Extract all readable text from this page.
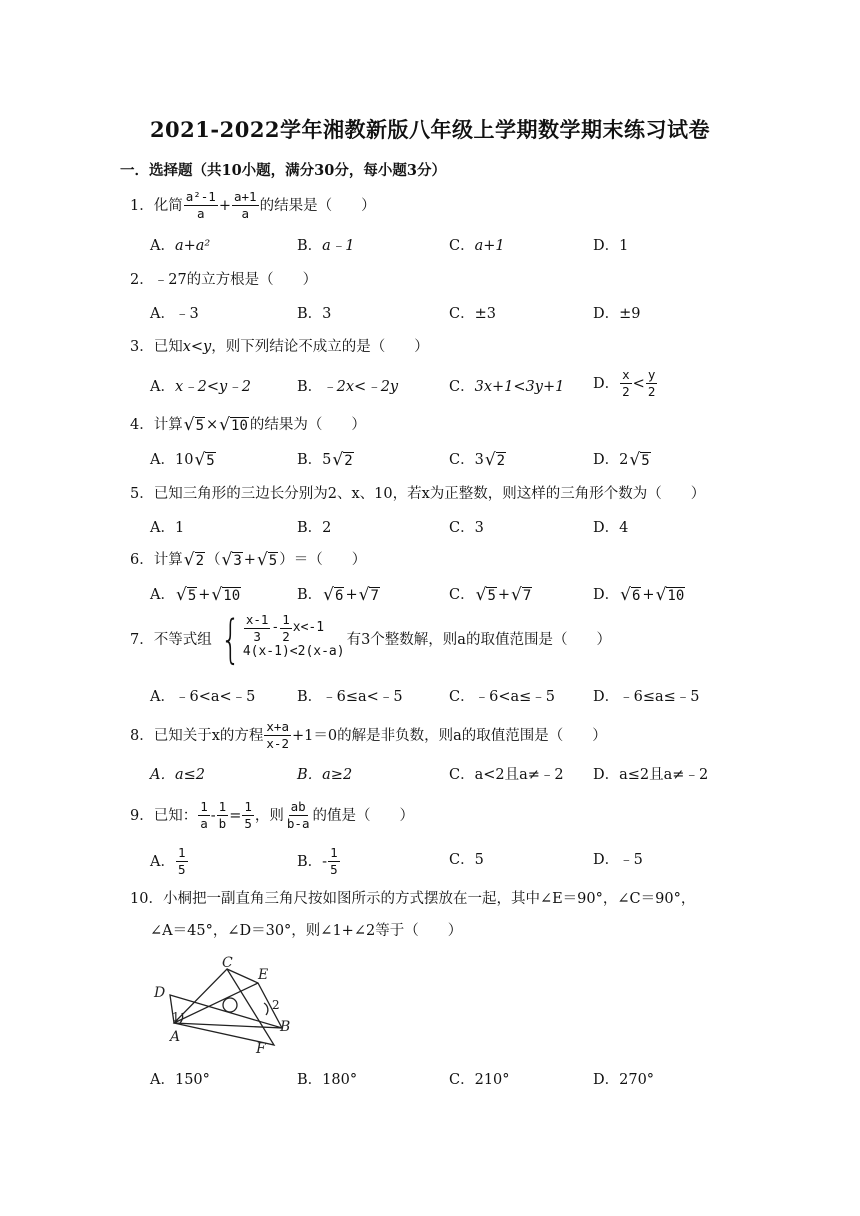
2021-2022学年湘教新版八年级上学期数学期末练习试卷
一．选择题（共10小题，满分30分，每小题3分）
1．化简 $\frac{\text{a²-1}}{a} + \frac{a+1}{a}$ 的结果是（　　）
A． a+a²	B． a﹣1	C． a+1	D． 1
2．﹣27的立方根是（　　）
A．﹣3	B．3	C．±3	D．±9
3．已知 x<y ，则下列结论不成立的是（　　）
A． x﹣2<y﹣2	B． ﹣2x<﹣2y	C． 3x+1<3y+1 D． $\frac{x}{2} < \frac{y}{2}$
4．计算 √ 5 × √ 10 的结果为（　　）
A．10 √ 5	B．5 √ 2	C．3 √ 2	D．2 √ 5
5．已知三角形的三边长分别为2、x、10，若x为正整数，则这样的三角形个数为（　　）
A．1	B．2	C．3	D．4
6．计算 √ 2 （ √ 3 + √ 5 ）＝（　　）
A． √ 5 + √ 10	B． √ 6 + √ 7	C． √ 5 + √ 7	D． √ 6 + √ 10
7．不等式组 { $\frac{x-1}{3} - \frac{1}{2} x<-1$
4(x-1)<2(x-a)
有3个整数解，则a的取值范围是（　　）
A．﹣6<a<﹣5	B．﹣6≤a<﹣5	C．﹣6<a≤﹣5	D．﹣6≤a≤﹣5
8．已知关于x的方程 $\frac{x+a}{x-2} +1=0$的解是非负数，则a的取值范围是（　　）
A．a≤2	B．a≥2	C．a<2且a≠﹣2 D．a≤2且a≠﹣2
9．已知： $\frac{1}{a} - \frac{1}{b} = \frac{1}{5}$ ，则 $\frac{ab}{b-a}$ 的值是（　　）
A． $\frac{1}{5}$	B． - $\frac{1}{5}$	C．5	D．﹣5
10．小桐把一副直角三角尺按如图所示的方式摆放在一起，其中∠E＝90°，∠C＝90°，
∠A＝45°，∠D＝30°，则∠1+∠2等于（　　）
C
E
D
A
B
F
1
2
A．150°	B．180°	C．210°	D．270°
